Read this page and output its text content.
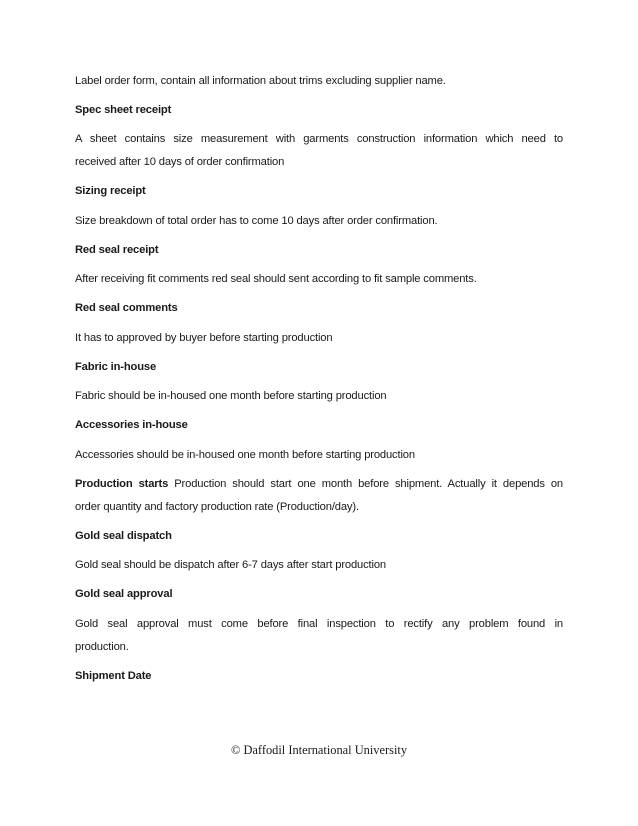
Label order form, contain all information about trims excluding supplier name.
Spec sheet receipt
A sheet contains size measurement with garments construction information which need to
received after 10 days of order confirmation
Sizing receipt
Size breakdown of total order has to come 10 days after order confirmation.
Red seal receipt
After receiving fit comments red seal should sent according to fit sample comments.
Red seal comments
It has to approved by buyer before starting production
Fabric in-house
Fabric should be in-housed one month before starting production
Accessories in-house
Accessories should be in-housed one month before starting production
Production starts Production should start one month before shipment. Actually it depends on
order quantity and factory production rate (Production/day).
Gold seal dispatch
Gold seal should be dispatch after 6-7 days after start production
Gold seal approval
Gold seal approval must come before final inspection to rectify any problem found in
production.
Shipment Date
© Daffodil International University
